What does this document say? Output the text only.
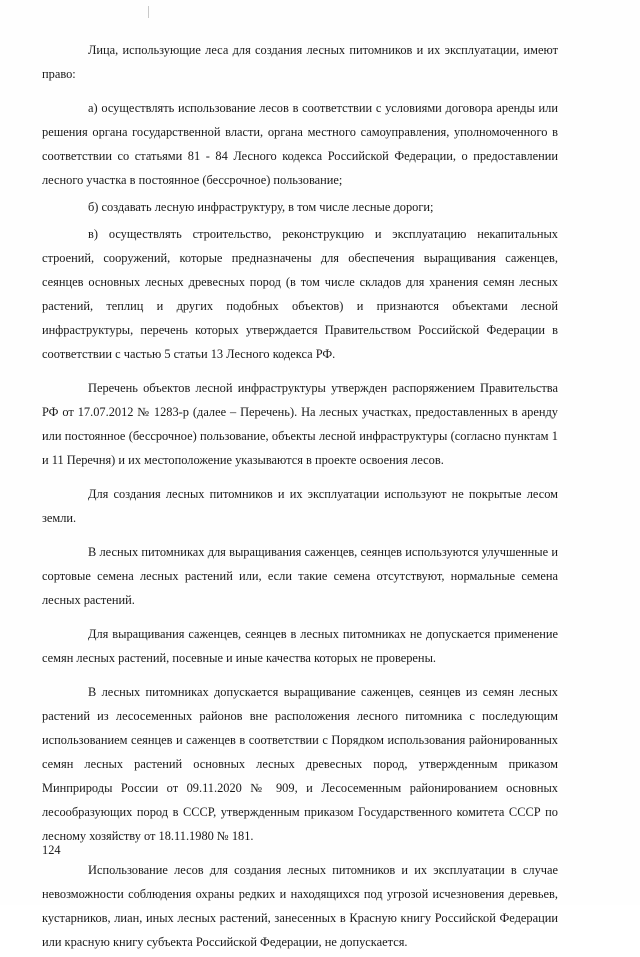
Лица, использующие леса для создания лесных питомников и их эксплуатации, имеют право:

а) осуществлять использование лесов в соответствии с условиями договора аренды или решения органа государственной власти, органа местного самоуправления, уполномоченного в соответствии со статьями 81 - 84 Лесного кодекса Российской Федерации, о предоставлении лесного участка в постоянное (бессрочное) пользование;

б) создавать лесную инфраструктуру, в том числе лесные дороги;

в) осуществлять строительство, реконструкцию и эксплуатацию некапитальных строений, сооружений, которые предназначены для обеспечения выращивания саженцев, сеянцев основных лесных древесных пород (в том числе складов для хранения семян лесных растений, теплиц и других подобных объектов) и признаются объектами лесной инфраструктуры, перечень которых утверждается Правительством Российской Федерации в соответствии с частью 5 статьи 13 Лесного кодекса РФ.

Перечень объектов лесной инфраструктуры утвержден распоряжением Правительства РФ от 17.07.2012 № 1283-р (далее – Перечень). На лесных участках, предоставленных в аренду или постоянное (бессрочное) пользование, объекты лесной инфраструктуры (согласно пунктам 1 и 11 Перечня) и их местоположение указываются в проекте освоения лесов.

Для создания лесных питомников и их эксплуатации используют не покрытые лесом земли.

В лесных питомниках для выращивания саженцев, сеянцев используются улучшенные и сортовые семена лесных растений или, если такие семена отсутствуют, нормальные семена лесных растений.

Для выращивания саженцев, сеянцев в лесных питомниках не допускается применение семян лесных растений, посевные и иные качества которых не проверены.

В лесных питомниках допускается выращивание саженцев, сеянцев из семян лесных растений из лесосеменных районов вне расположения лесного питомника с последующим использованием сеянцев и саженцев в соответствии с Порядком использования районированных семян лесных растений основных лесных древесных пород, утвержденным приказом Минприроды России от 09.11.2020 № 909, и Лесосеменным районированием основных лесообразующих пород в СССР, утвержденным приказом Государственного комитета СССР по лесному хозяйству от 18.11.1980 № 181.

Использование лесов для создания лесных питомников и их эксплуатации в случае невозможности соблюдения охраны редких и находящихся под угрозой исчезновения деревьев, кустарников, лиан, иных лесных растений, занесенных в Красную книгу Российской Федерации или красную книгу субъекта Российской Федерации, не допускается.

124
